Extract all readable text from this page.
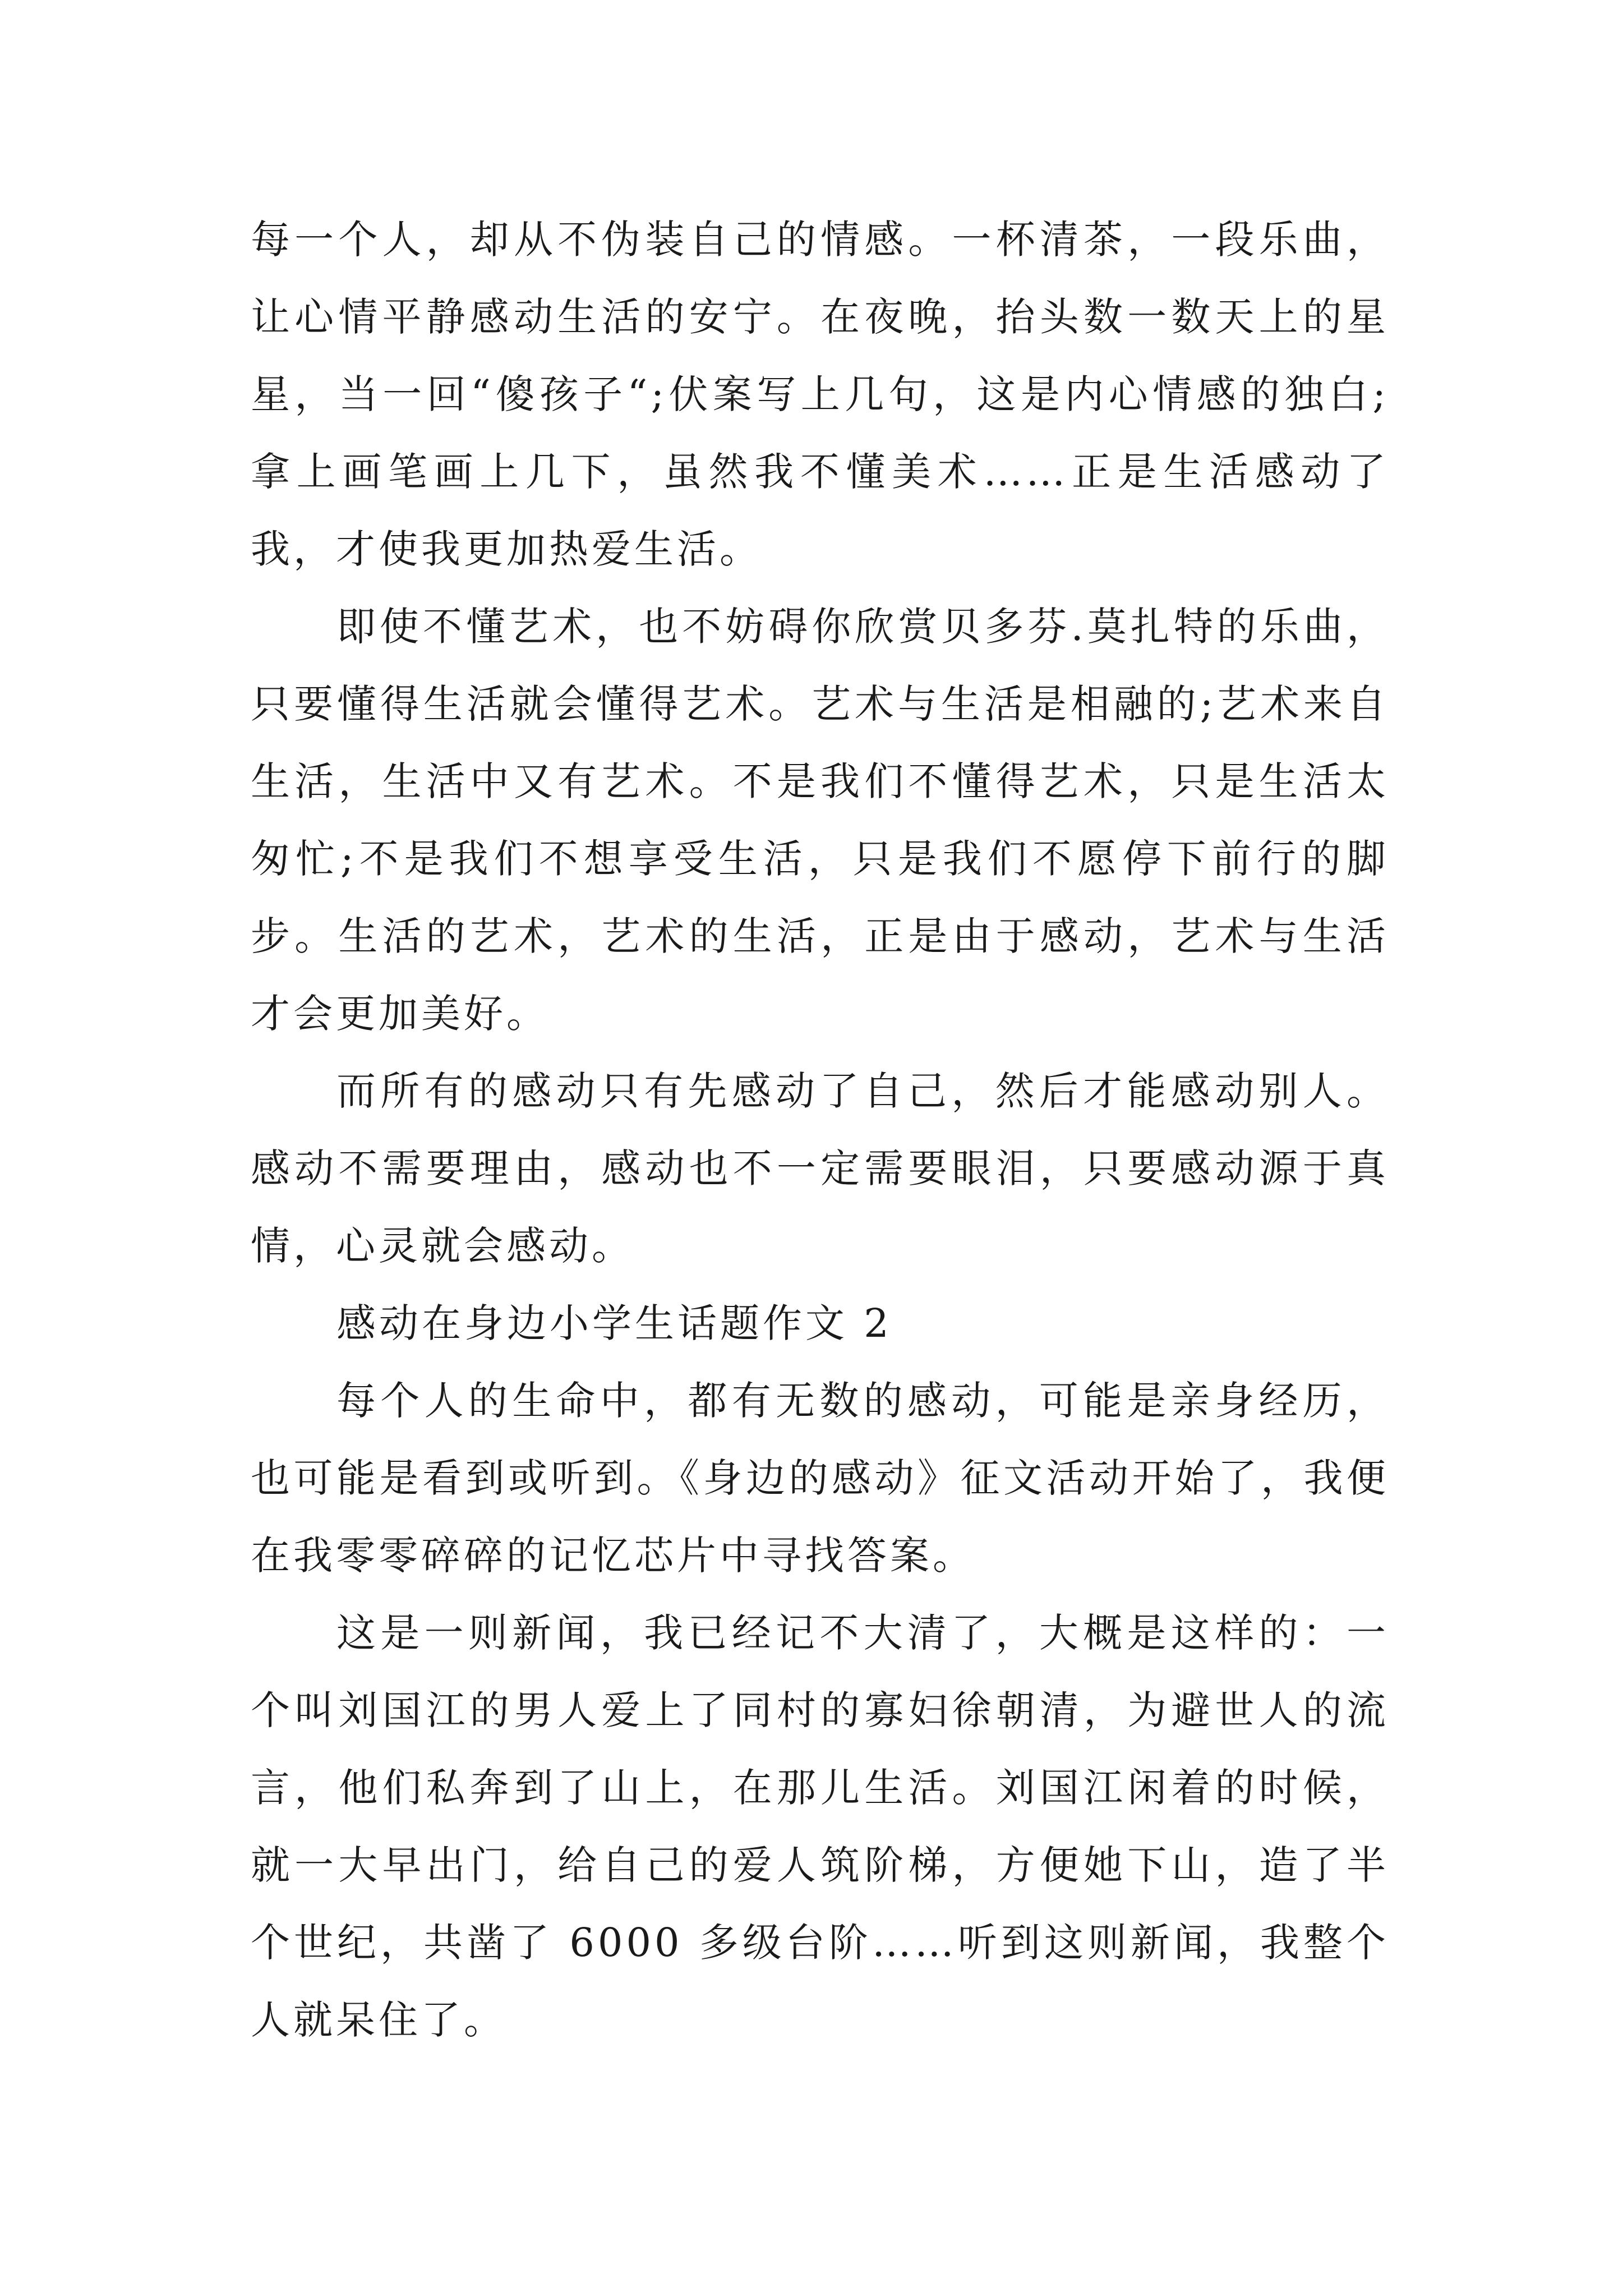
每一个人，却从不伪装自己的情感。一杯清茶，一段乐曲，让心情平静感动生活的安宁。在夜晚，抬头数一数天上的星星，当一回“傻孩子“;伏案写上几句，这是内心情感的独白;拿上画笔画上几下，虽然我不懂美术……正是生活感动了我，才使我更加热爱生活。

即使不懂艺术，也不妨碍你欣赏贝多芬.莫扎特的乐曲，只要懂得生活就会懂得艺术。艺术与生活是相融的;艺术来自生活，生活中又有艺术。不是我们不懂得艺术，只是生活太匆忙;不是我们不想享受生活，只是我们不愿停下前行的脚步。生活的艺术，艺术的生活，正是由于感动，艺术与生活才会更加美好。

而所有的感动只有先感动了自己，然后才能感动别人。感动不需要理由，感动也不一定需要眼泪，只要感动源于真情，心灵就会感动。

感动在身边小学生话题作文 2

每个人的生命中，都有无数的感动，可能是亲身经历，也可能是看到或听到。《身边的感动》征文活动开始了，我便在我零零碎碎的记忆芯片中寻找答案。

这是一则新闻，我已经记不大清了，大概是这样的：一个叫刘国江的男人爱上了同村的寡妇徐朝清，为避世人的流言，他们私奔到了山上，在那儿生活。刘国江闲着的时候，就一大早出门，给自己的爱人筑阶梯，方便她下山，造了半个世纪，共凿了 6000 多级台阶……听到这则新闻，我整个人就呆住了。
